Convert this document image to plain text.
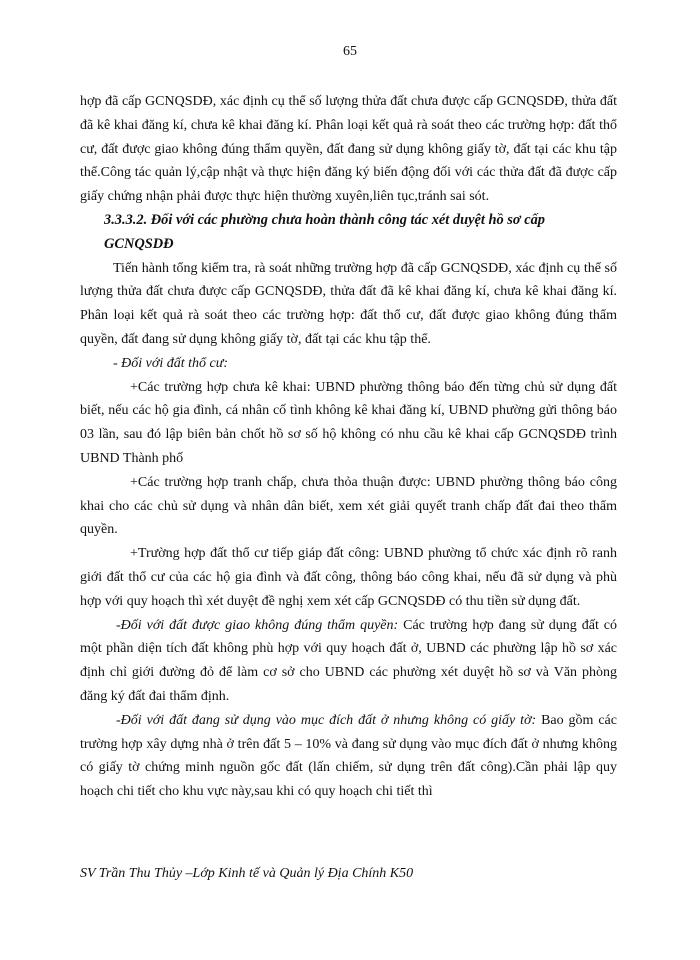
65

hợp đã cấp GCNQSDĐ, xác định cụ thể số lượng thửa đất chưa được cấp GCNQSDĐ, thửa đất đã kê khai đăng kí, chưa kê khai đăng kí. Phân loại kết quả rà soát theo các trường hợp: đất thổ cư, đất được giao không đúng thẩm quyền, đất đang sử dụng không giấy tờ, đất tại các khu tập thể.Công tác quản lý,cập nhật và thực hiện đăng ký biến động đối với các thửa đất đã được cấp giấy chứng nhận phải được thực hiện thường xuyên,liên tục,tránh sai sót.

3.3.3.2. Đối với các phường chưa hoàn thành công tác xét duyệt hồ sơ cấp GCNQSDĐ

Tiến hành tổng kiểm tra, rà soát những trường hợp đã cấp GCNQSDĐ, xác định cụ thể số lượng thửa đất chưa được cấp GCNQSDĐ, thửa đất đã kê khai đăng kí, chưa kê khai đăng kí. Phân loại kết quả rà soát theo các trường hợp: đất thổ cư, đất được giao không đúng thẩm quyền, đất đang sử dụng không giấy tờ, đất tại các khu tập thể.

- Đối với đất thổ cư:

+Các trường hợp chưa kê khai: UBND phường thông báo đến từng chủ sử dụng đất biết, nếu các hộ gia đình, cá nhân cố tình không kê khai đăng kí, UBND phường gửi thông báo 03 lần, sau đó lập biên bản chốt hồ sơ số hộ không có nhu cầu kê khai cấp GCNQSDĐ trình UBND Thành phố

+Các trường hợp tranh chấp, chưa thỏa thuận được: UBND phường thông báo công khai cho các chủ sử dụng và nhân dân biết, xem xét giải quyết tranh chấp đất đai theo thẩm quyền.

+Trường hợp đất thổ cư tiếp giáp đất công: UBND phường tổ chức xác định rõ ranh giới đất thổ cư của các hộ gia đình và đất công, thông báo công khai, nếu đã sử dụng và phù hợp với quy hoạch thì xét duyệt đề nghị xem xét cấp GCNQSDĐ có thu tiền sử dụng đất.

-Đối với đất được giao không đúng thẩm quyền: Các trường hợp đang sử dụng đất có một phần diện tích đất không phù hợp với quy hoạch đất ở, UBND các phường lập hồ sơ xác định chỉ giới đường đỏ để làm cơ sở cho UBND các phường xét duyệt hồ sơ và Văn phòng đăng ký đất đai thẩm định.

-Đối với đất đang sử dụng vào mục đích đất ở nhưng không có giấy tờ: Bao gồm các trường hợp xây dựng nhà ở trên đất 5 – 10% và đang sử dụng vào mục đích đất ở nhưng không có giấy tờ chứng minh nguồn gốc đất (lấn chiếm, sử dụng trên đất công).Cần phải lập quy hoạch chi tiết cho khu vực này,sau khi có quy hoạch chi tiết thì

SV Trần Thu Thủy –Lớp Kinh tế và Quản lý Địa Chính K50
